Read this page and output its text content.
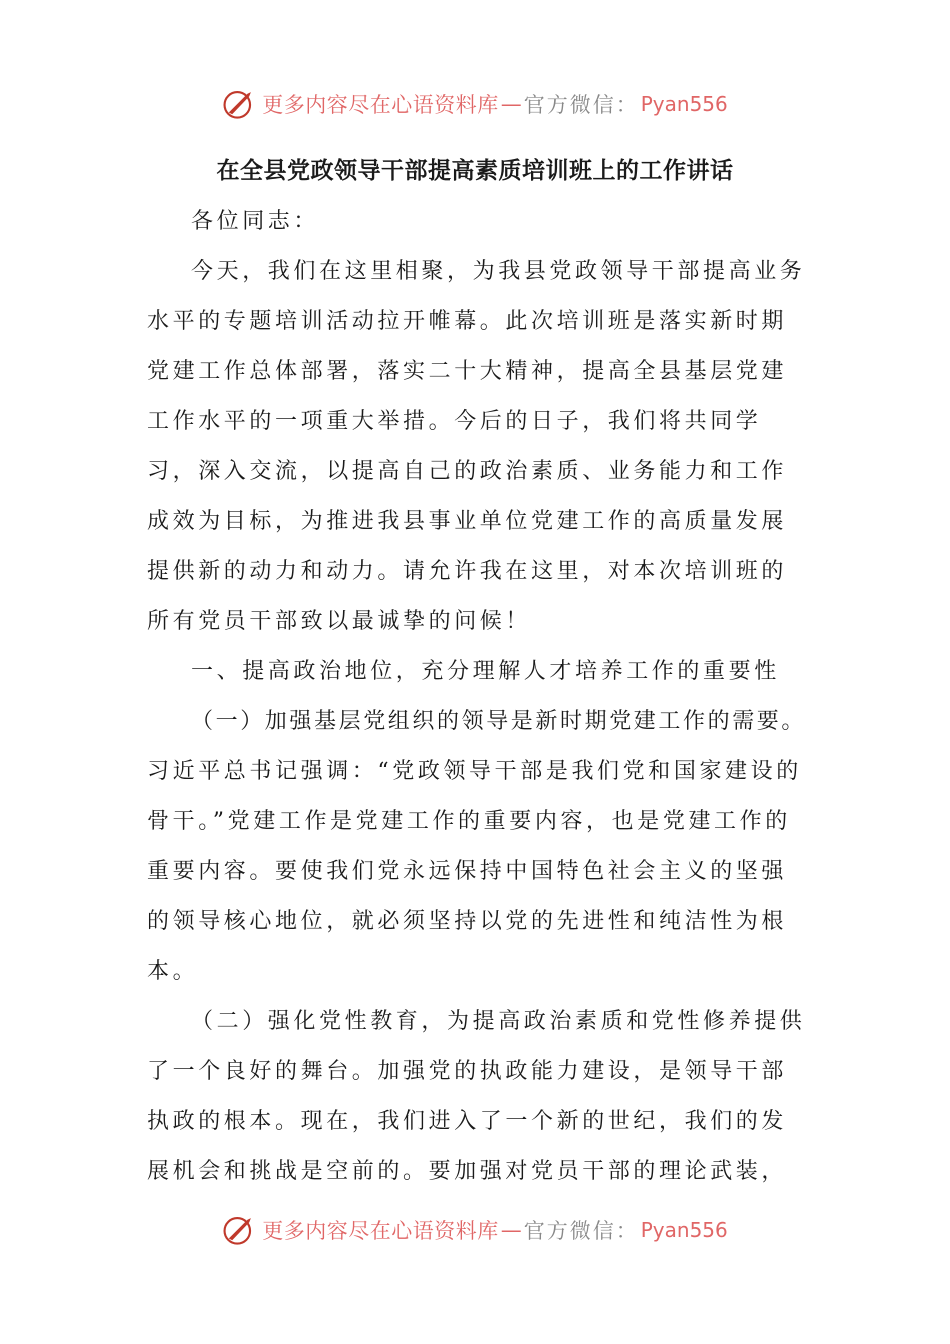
更多内容尽在心语资料库 — 官方微信： Pyan556
在全县党政领导干部提高素质培训班上的工作讲话

各位同志：

今天，我们在这里相聚，为我县党政领导干部提高业务水平的专题培训活动拉开帷幕。此次培训班是落实新时期党建工作总体部署，落实二十大精神，提高全县基层党建工作水平的一项重大举措。今后的日子，我们将共同学习，深入交流，以提高自己的政治素质、业务能力和工作成效为目标，为推进我县事业单位党建工作的高质量发展提供新的动力和动力。请允许我在这里，对本次培训班的所有党员干部致以最诚挚的问候！

一、提高政治地位，充分理解人才培养工作的重要性

（一）加强基层党组织的领导是新时期党建工作的需要。习近平总书记强调：“党政领导干部是我们党和国家建设的骨干。”党建工作是党建工作的重要内容，也是党建工作的重要内容。要使我们党永远保持中国特色社会主义的坚强的领导核心地位，就必须坚持以党的先进性和纯洁性为根本。

（二）强化党性教育，为提高政治素质和党性修养提供了一个良好的舞台。加强党的执政能力建设，是领导干部执政的根本。现在，我们进入了一个新的世纪，我们的发展机会和挑战是空前的。要加强对党员干部的理论武装，

更多内容尽在心语资料库 — 官方微信： Pyan556
